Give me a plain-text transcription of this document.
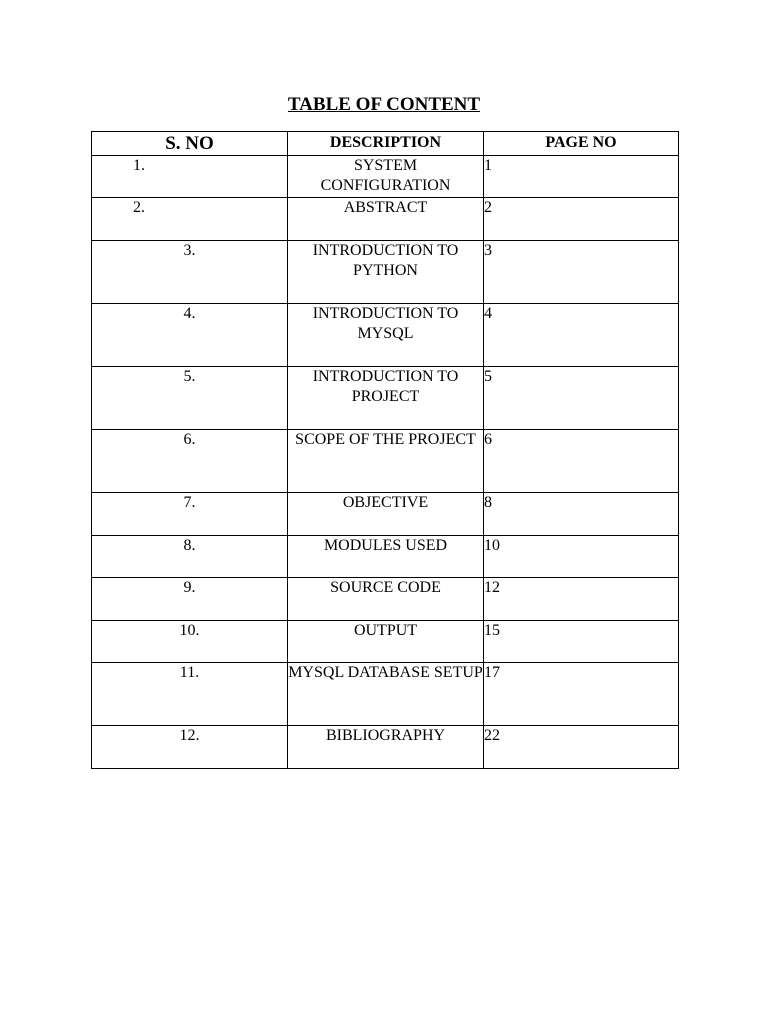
TABLE OF CONTENT
S. NO	DESCRIPTION	PAGE NO
1.	SYSTEM CONFIGURATION	1
2.	ABSTRACT	2
3.	INTRODUCTION TO PYTHON	3
4.	INTRODUCTION TO MYSQL	4
5.	INTRODUCTION TO PROJECT	5
6.	SCOPE OF THE PROJECT	6
7.	OBJECTIVE	8
8.	MODULES USED	10
9.	SOURCE CODE	12
10.	OUTPUT	15
11.	MYSQL DATABASE SETUP	17
12.	BIBLIOGRAPHY	22
